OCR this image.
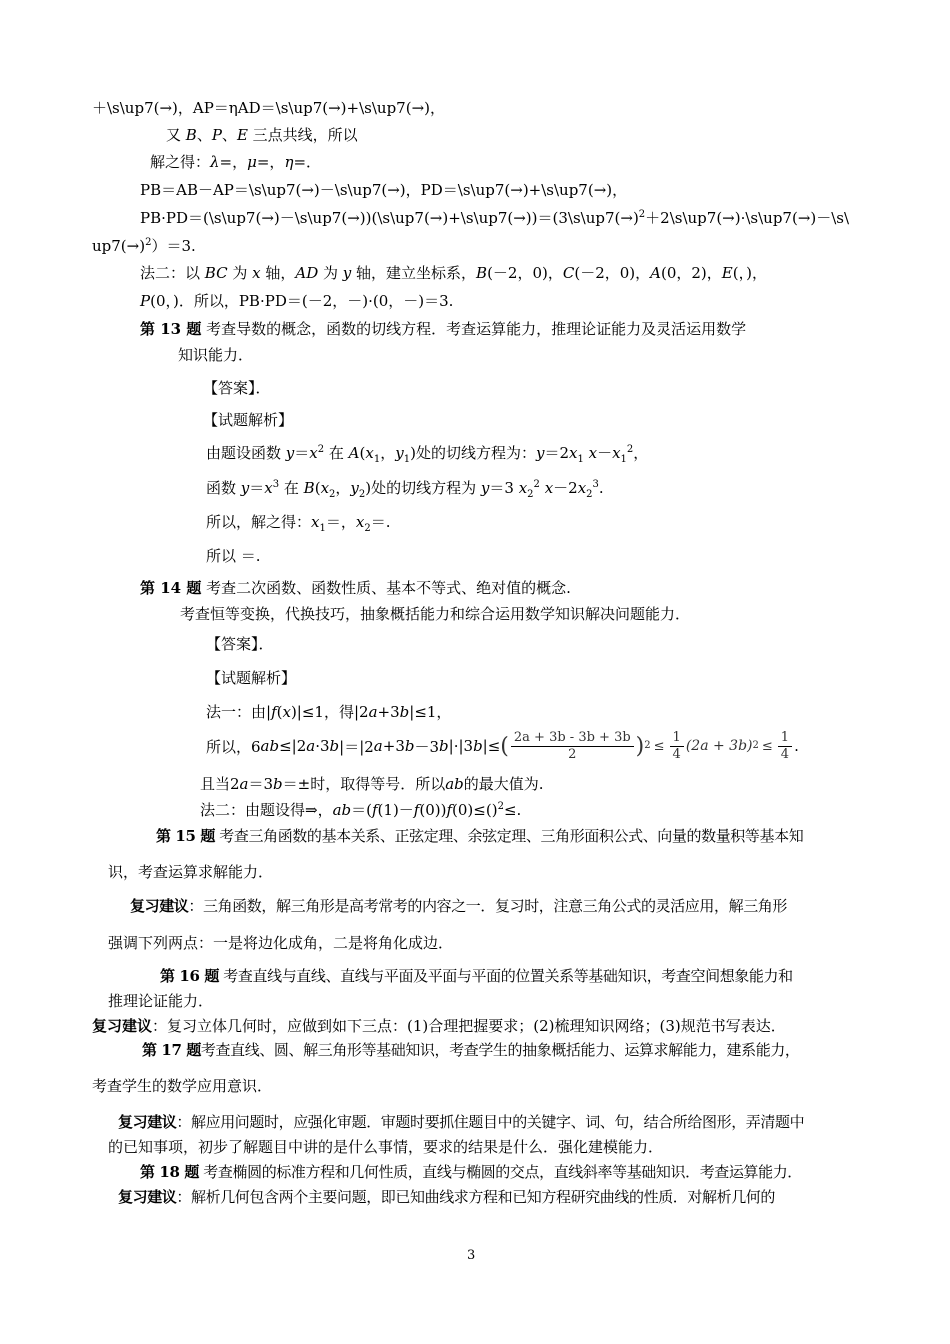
＋\s\up7(→)，AP＝ηAD＝\s\up7(→)+\s\up7(→)，
又 B、P、E 三点共线，所以
解之得：λ=，μ=，η=．
PB＝AB－AP＝\s\up7(→)－\s\up7(→)，PD＝\s\up7(→)+\s\up7(→)，
$PB\cdot PD=(\backslash s\backslash up7(\to)-\backslash s\backslash up7(\to))(\backslash s\backslash up7(\to)+\backslash s\backslash up7(\to))=(3\backslash s\backslash up7(\to)^2+2\backslash s\backslash up7(\to)\cdot\backslash s\backslash up7(\to)-\backslash s\backslash$
$up7(\to)^2)=3$.
法二：以 BC 为 x 轴，AD 为 y 轴，建立坐标系，B(－2，0)，C(－2，0)，A(0，2)，E(，)，
P(0，)．所以，PB·PD＝(－2，－)·(0，－)＝3.
第 13 题 考查导数的概念，函数的切线方程．考查运算能力，推理论证能力及灵活运用数学
知识能力．
【答案】．
【试题解析】
由题设函数 $y=x^2$ 在 $A(x_1$，$y_1$)处的切线方程为：$y=2x_1$ $x-x_1^2$，
函数 $y=x^3$ 在 $B(x_2$，$y_2$)处的切线方程为 y＝3 $x_2^2$ $x-2x_2^3$.
所以，解之得：$x_1=$，$x_2=$.
所以 ＝.
第 14 题 考查二次函数、函数性质、基本不等式、绝对值的概念.
考查恒等变换，代换技巧，抽象概括能力和综合运用数学知识解决问题能力．
【答案】．
【试题解析】
法一：由|f(x)|≤1，得|2a+3b|≤1，
所以，6 ab ≤|2 a ·3 b |＝|2 a +3 b －3 b |·|3 b |≤ ( $\frac{2a + 3b - 3b + 3b}{2}$ ) $2 \le \frac{1}{4} (2a + 3b) 2 \le \frac{1}{4}$ .
且当2a＝3b＝±时，取得等号．所以ab的最大值为.
法二：由题设得⇒，ab＝(f(1)－f(0))f(0)≤()$^2$≤.
第 15 题 考查三角函数的基本关系、正弦定理、余弦定理、三角形面积公式、向量的数量积等基本知
识，考查运算求解能力．
复习建议：三角函数，解三角形是高考常考的内容之一．复习时，注意三角公式的灵活应用，解三角形
强调下列两点：一是将边化成角，二是将角化成边．
第 16 题 考查直线与直线、直线与平面及平面与平面的位置关系等基础知识，考查空间想象能力和
推理论证能力．
复习建议：复习立体几何时，应做到如下三点：(1)合理把握要求；(2)梳理知识网络；(3)规范书写表达．
第 17 题考查直线、圆、解三角形等基础知识，考查学生的抽象概括能力、运算求解能力，建系能力，
考查学生的数学应用意识．
复习建议：解应用问题时，应强化审题．审题时要抓住题目中的关键字、词、句，结合所给图形，弄清题中
的已知事项，初步了解题目中讲的是什么事情，要求的结果是什么．强化建模能力．
第 18 题 考查椭圆的标准方程和几何性质，直线与椭圆的交点，直线斜率等基础知识．考查运算能力．
复习建议：解析几何包含两个主要问题，即已知曲线求方程和已知方程研究曲线的性质．对解析几何的
3
